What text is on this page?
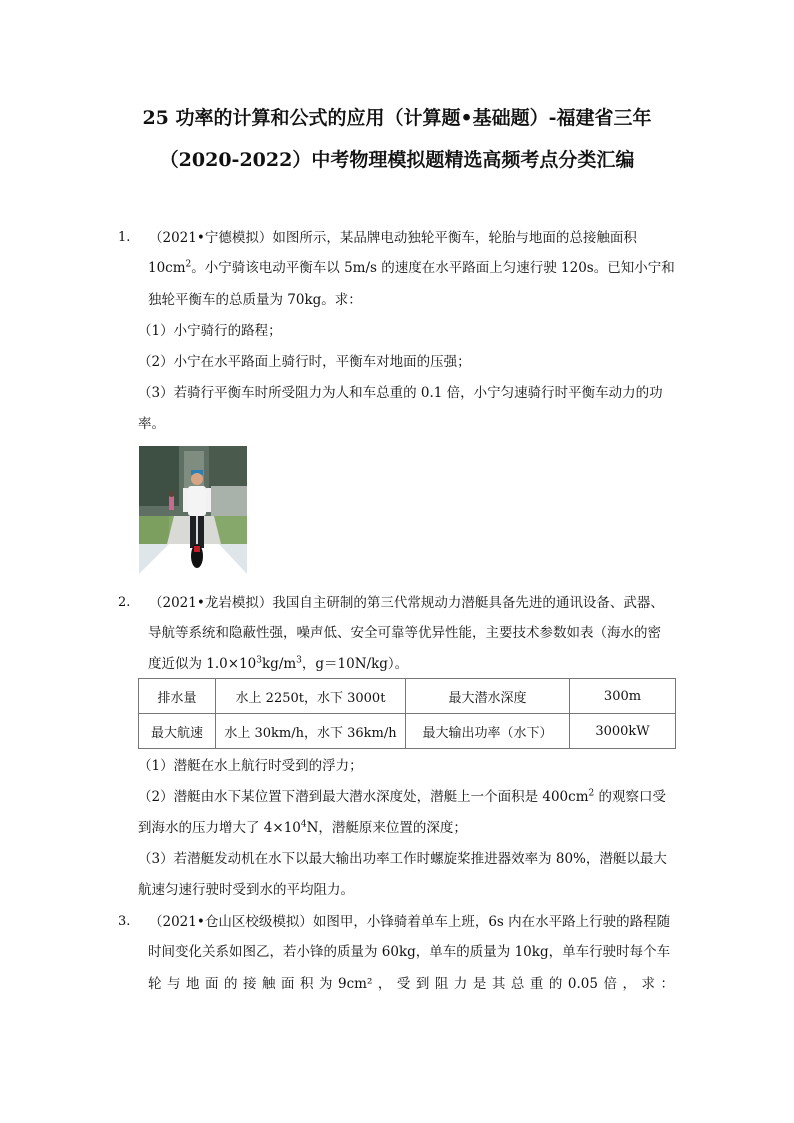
25 功率的计算和公式的应用（计算题•基础题）-福建省三年
（2020-2022）中考物理模拟题精选高频考点分类汇编
1. （2021•宁德模拟）如图所示，某品牌电动独轮平衡车，轮胎与地面的总接触面积
$10cm^2$。小宁骑该电动平衡车以 5m/s 的速度在水平路面上匀速行驶 120s。已知小宁和
独轮平衡车的总质量为 70kg。求：
（1）小宁骑行的路程；
（2）小宁在水平路面上骑行时，平衡车对地面的压强；
（3）若骑行平衡车时所受阻力为人和车总重的 0.1 倍，小宁匀速骑行时平衡车动力的功
率。
2. （2021•龙岩模拟）我国自主研制的第三代常规动力潜艇具备先进的通讯设备、武器、
导航等系统和隐蔽性强，噪声低、安全可靠等优异性能，主要技术参数如表（海水的密
度近似为 $1.0\times 10^3kg/m^3$，g＝10N/kg）。
排水量	水上 2250t，水下 3000t	最大潜水深度	300m
最大航速	水上 30km/h，水下 36km/h	最大输出功率（水下）	3000kW
（1）潜艇在水上航行时受到的浮力；
（2）潜艇由水下某位置下潜到最大潜水深度处，潜艇上一个面积是 $400cm^2$ 的观察口受
到海水的压力增大了 $4\times 10^4N$，潜艇原来位置的深度；
（3）若潜艇发动机在水下以最大输出功率工作时螺旋桨推进器效率为 80%，潜艇以最大
航速匀速行驶时受到水的平均阻力。
3. （2021•仓山区校级模拟）如图甲，小锋骑着单车上班，6s 内在水平路上行驶的路程随
时间变化关系如图乙，若小锋的质量为 60kg，单车的质量为 10kg，单车行驶时每个车
轮 与 地 面 的 接 触 面 积 为 9cm² ， 受 到 阻 力 是 其 总 重 的 0.05 倍 ， 求 ：
